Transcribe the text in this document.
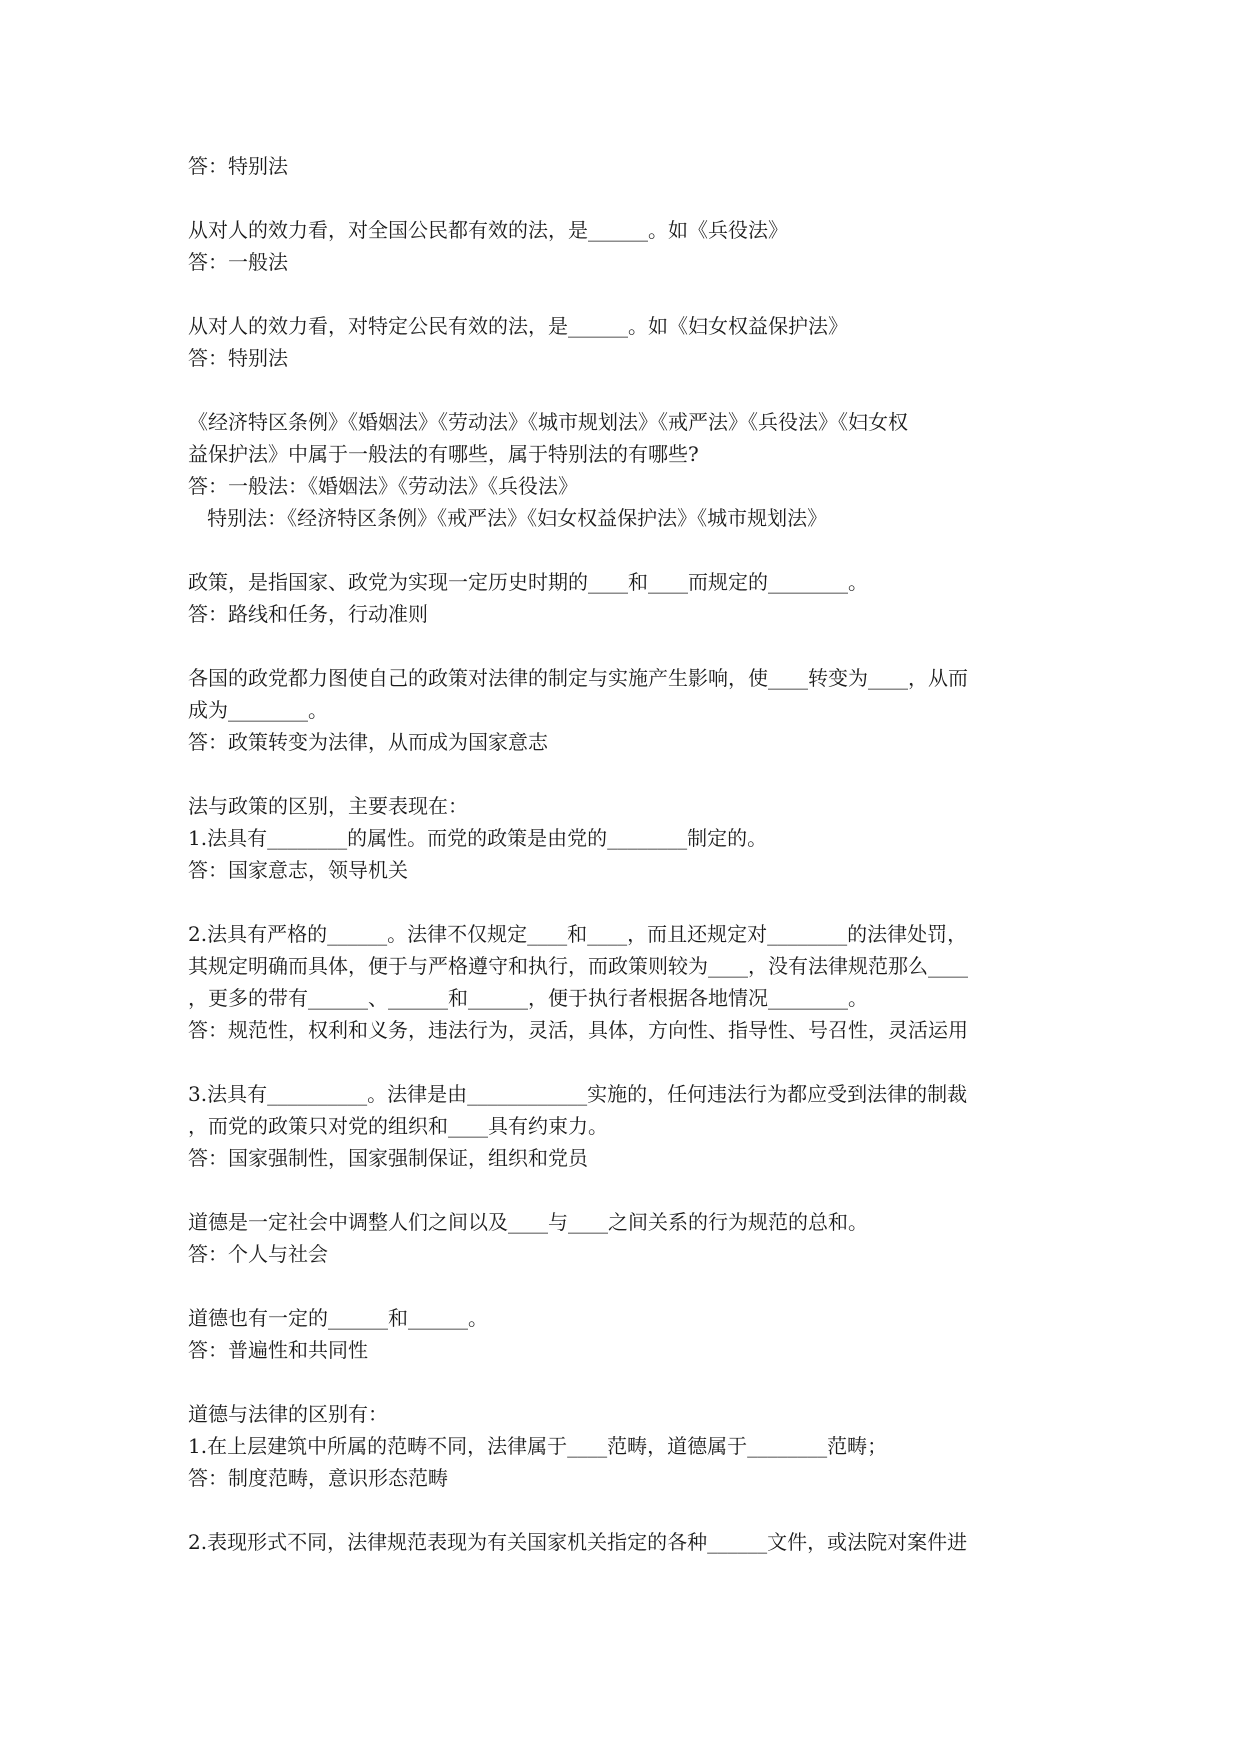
答：特别法
从对人的效力看，对全国公民都有效的法，是______。如《兵役法》
答：一般法
从对人的效力看，对特定公民有效的法，是______。如《妇女权益保护法》
答：特别法
《经济特区条例》《婚姻法》《劳动法》《城市规划法》《戒严法》《兵役法》《妇女权
益保护法》中属于一般法的有哪些，属于特别法的有哪些?
答：一般法：《婚姻法》《劳动法》《兵役法》
特别法：《经济特区条例》《戒严法》《妇女权益保护法》《城市规划法》
政策，是指国家、政党为实现一定历史时期的____和____而规定的________。
答：路线和任务，行动准则
各国的政党都力图使自己的政策对法律的制定与实施产生影响，使____转变为____，从而
成为________。
答：政策转变为法律，从而成为国家意志
法与政策的区别，主要表现在：
1.法具有________的属性。而党的政策是由党的________制定的。
答：国家意志，领导机关
2.法具有严格的______。法律不仅规定____和____，而且还规定对________的法律处罚，
其规定明确而具体，便于与严格遵守和执行，而政策则较为____，没有法律规范那么____
，更多的带有______、______和______，便于执行者根据各地情况________。
答：规范性，权利和义务，违法行为，灵活，具体，方向性、指导性、号召性，灵活运用
3.法具有__________。法律是由____________实施的，任何违法行为都应受到法律的制裁
，而党的政策只对党的组织和____具有约束力。
答：国家强制性，国家强制保证，组织和党员
道德是一定社会中调整人们之间以及____与____之间关系的行为规范的总和。
答：个人与社会
道德也有一定的______和______。
答：普遍性和共同性
道德与法律的区别有：
1.在上层建筑中所属的范畴不同，法律属于____范畴，道德属于________范畴；
答：制度范畴，意识形态范畴
2.表现形式不同，法律规范表现为有关国家机关指定的各种______文件，或法院对案件进
